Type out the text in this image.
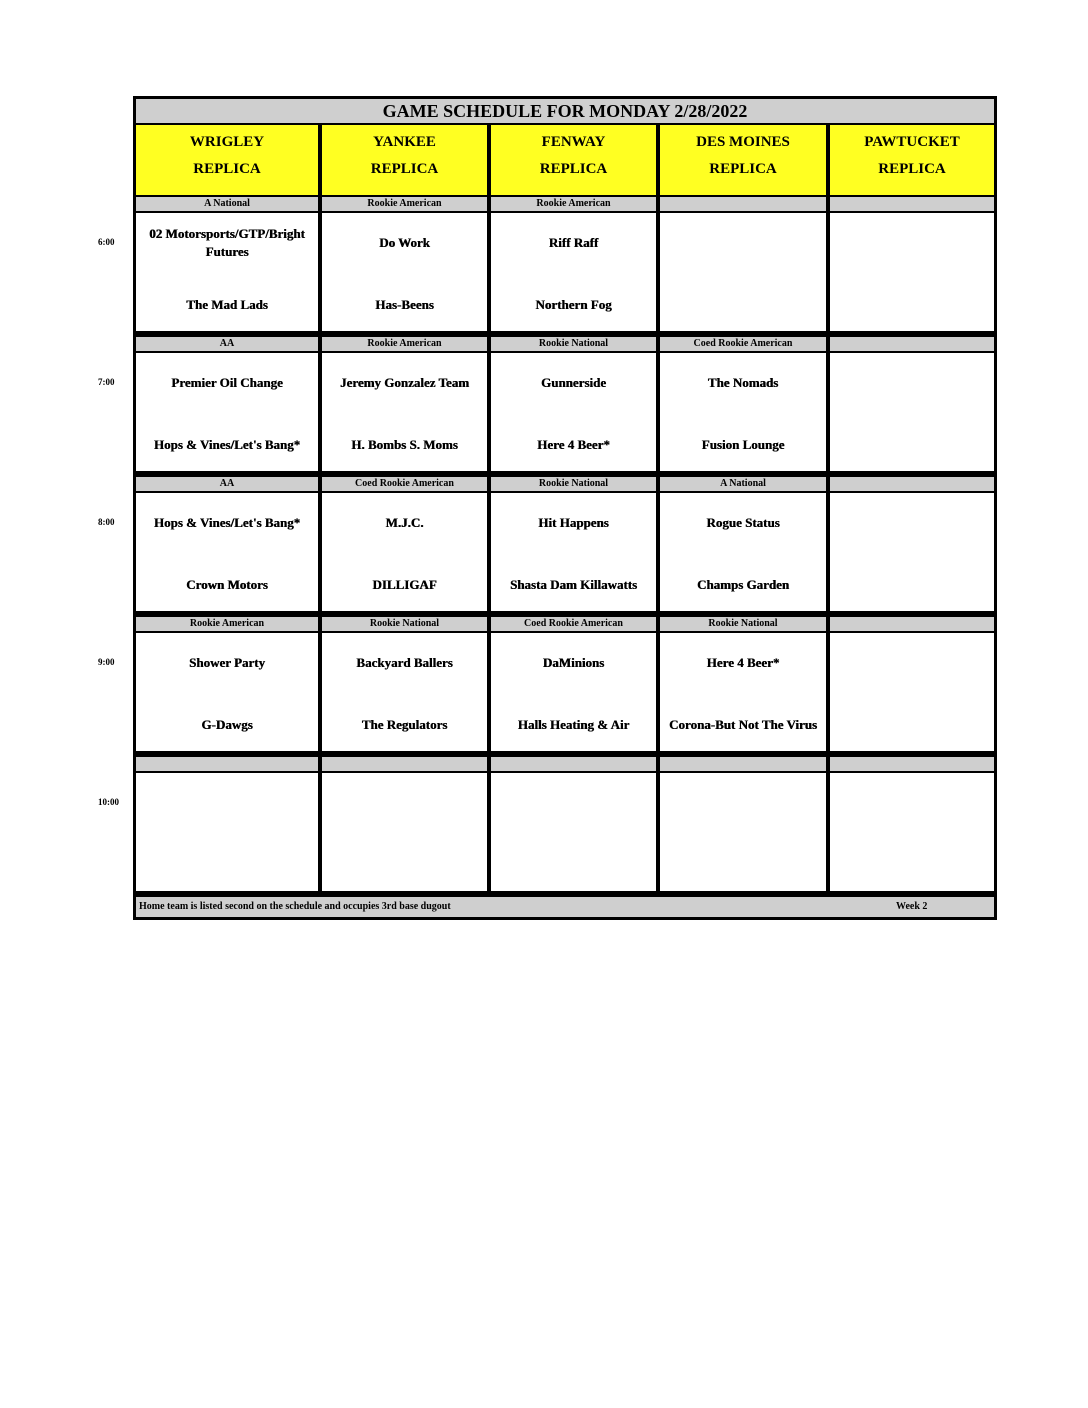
GAME SCHEDULE FOR MONDAY 2/28/2022
WRIGLEY
REPLICA
YANKEE
REPLICA
FENWAY
REPLICA
DES MOINES
REPLICA
PAWTUCKET
REPLICA
Home team is listed second on the schedule and occupies 3rd base dugout	Week 2
A National
02 Motorsports/GTP/Bright Futures
The Mad Lads
Rookie American
Do Work
Has-Beens
Rookie American
Riff Raff
Northern Fog
AA
Premier Oil Change
Hops & Vines/Let's Bang*
Rookie American
Jeremy Gonzalez Team
H. Bombs S. Moms
Rookie National
Gunnerside
Here 4 Beer*
Coed Rookie American
The Nomads
Fusion Lounge
AA
Hops & Vines/Let's Bang*
Crown Motors
Coed Rookie American
M.J.C.
DILLIGAF
Rookie National
Hit Happens
Shasta Dam Killawatts
A National
Rogue Status
Champs Garden
Rookie American
Shower Party
G-Dawgs
Rookie National
Backyard Ballers
The Regulators
Coed Rookie American
DaMinions
Halls Heating & Air
Rookie National
Here 4 Beer*
Corona-But Not The Virus
6:00
7:00
8:00
9:00
10:00
